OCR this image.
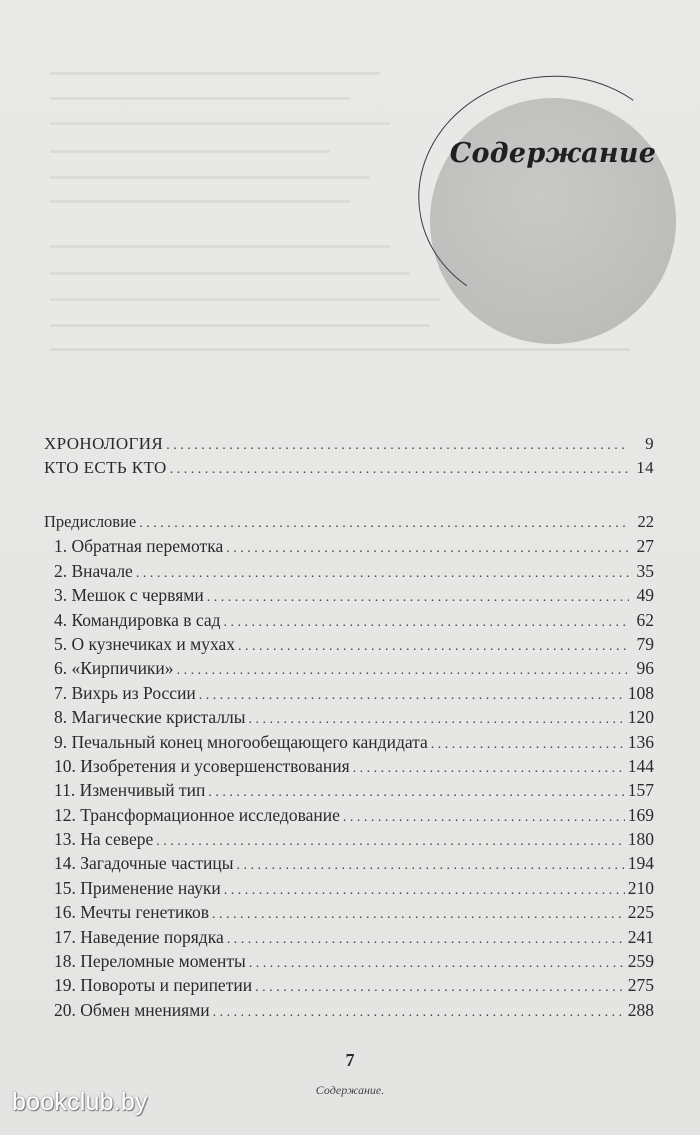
Содержание
ХРОНОЛОГИЯ . . .	9
КТО ЕСТЬ КТО . . .	14
Предисловие . . .	22
1. Обратная перемотка . . .	27
2. Вначале . . .	35
3. Мешок с червями . . .	49
4. Командировка в сад . . .	62
5. О кузнечиках и мухах . . .	79
6. «Кирпичики» . . .	96
7. Вихрь из России . . .	108
8. Магические кристаллы . . .	120
9. Печальный конец многообещающего кандидата . . .	136
10. Изобретения и усовершенствования . . .	144
11. Изменчивый тип . . .	157
12. Трансформационное исследование . . .	169
13. На севере . . .	180
14. Загадочные частицы . . .	194
15. Применение науки . . .	210
16. Мечты генетиков . . .	225
17. Наведение порядка . . .	241
18. Переломные моменты . . .	259
19. Повороты и перипетии . . .	275
20. Обмен мнениями . . .	288
7
Содержание.
bookclub.by
